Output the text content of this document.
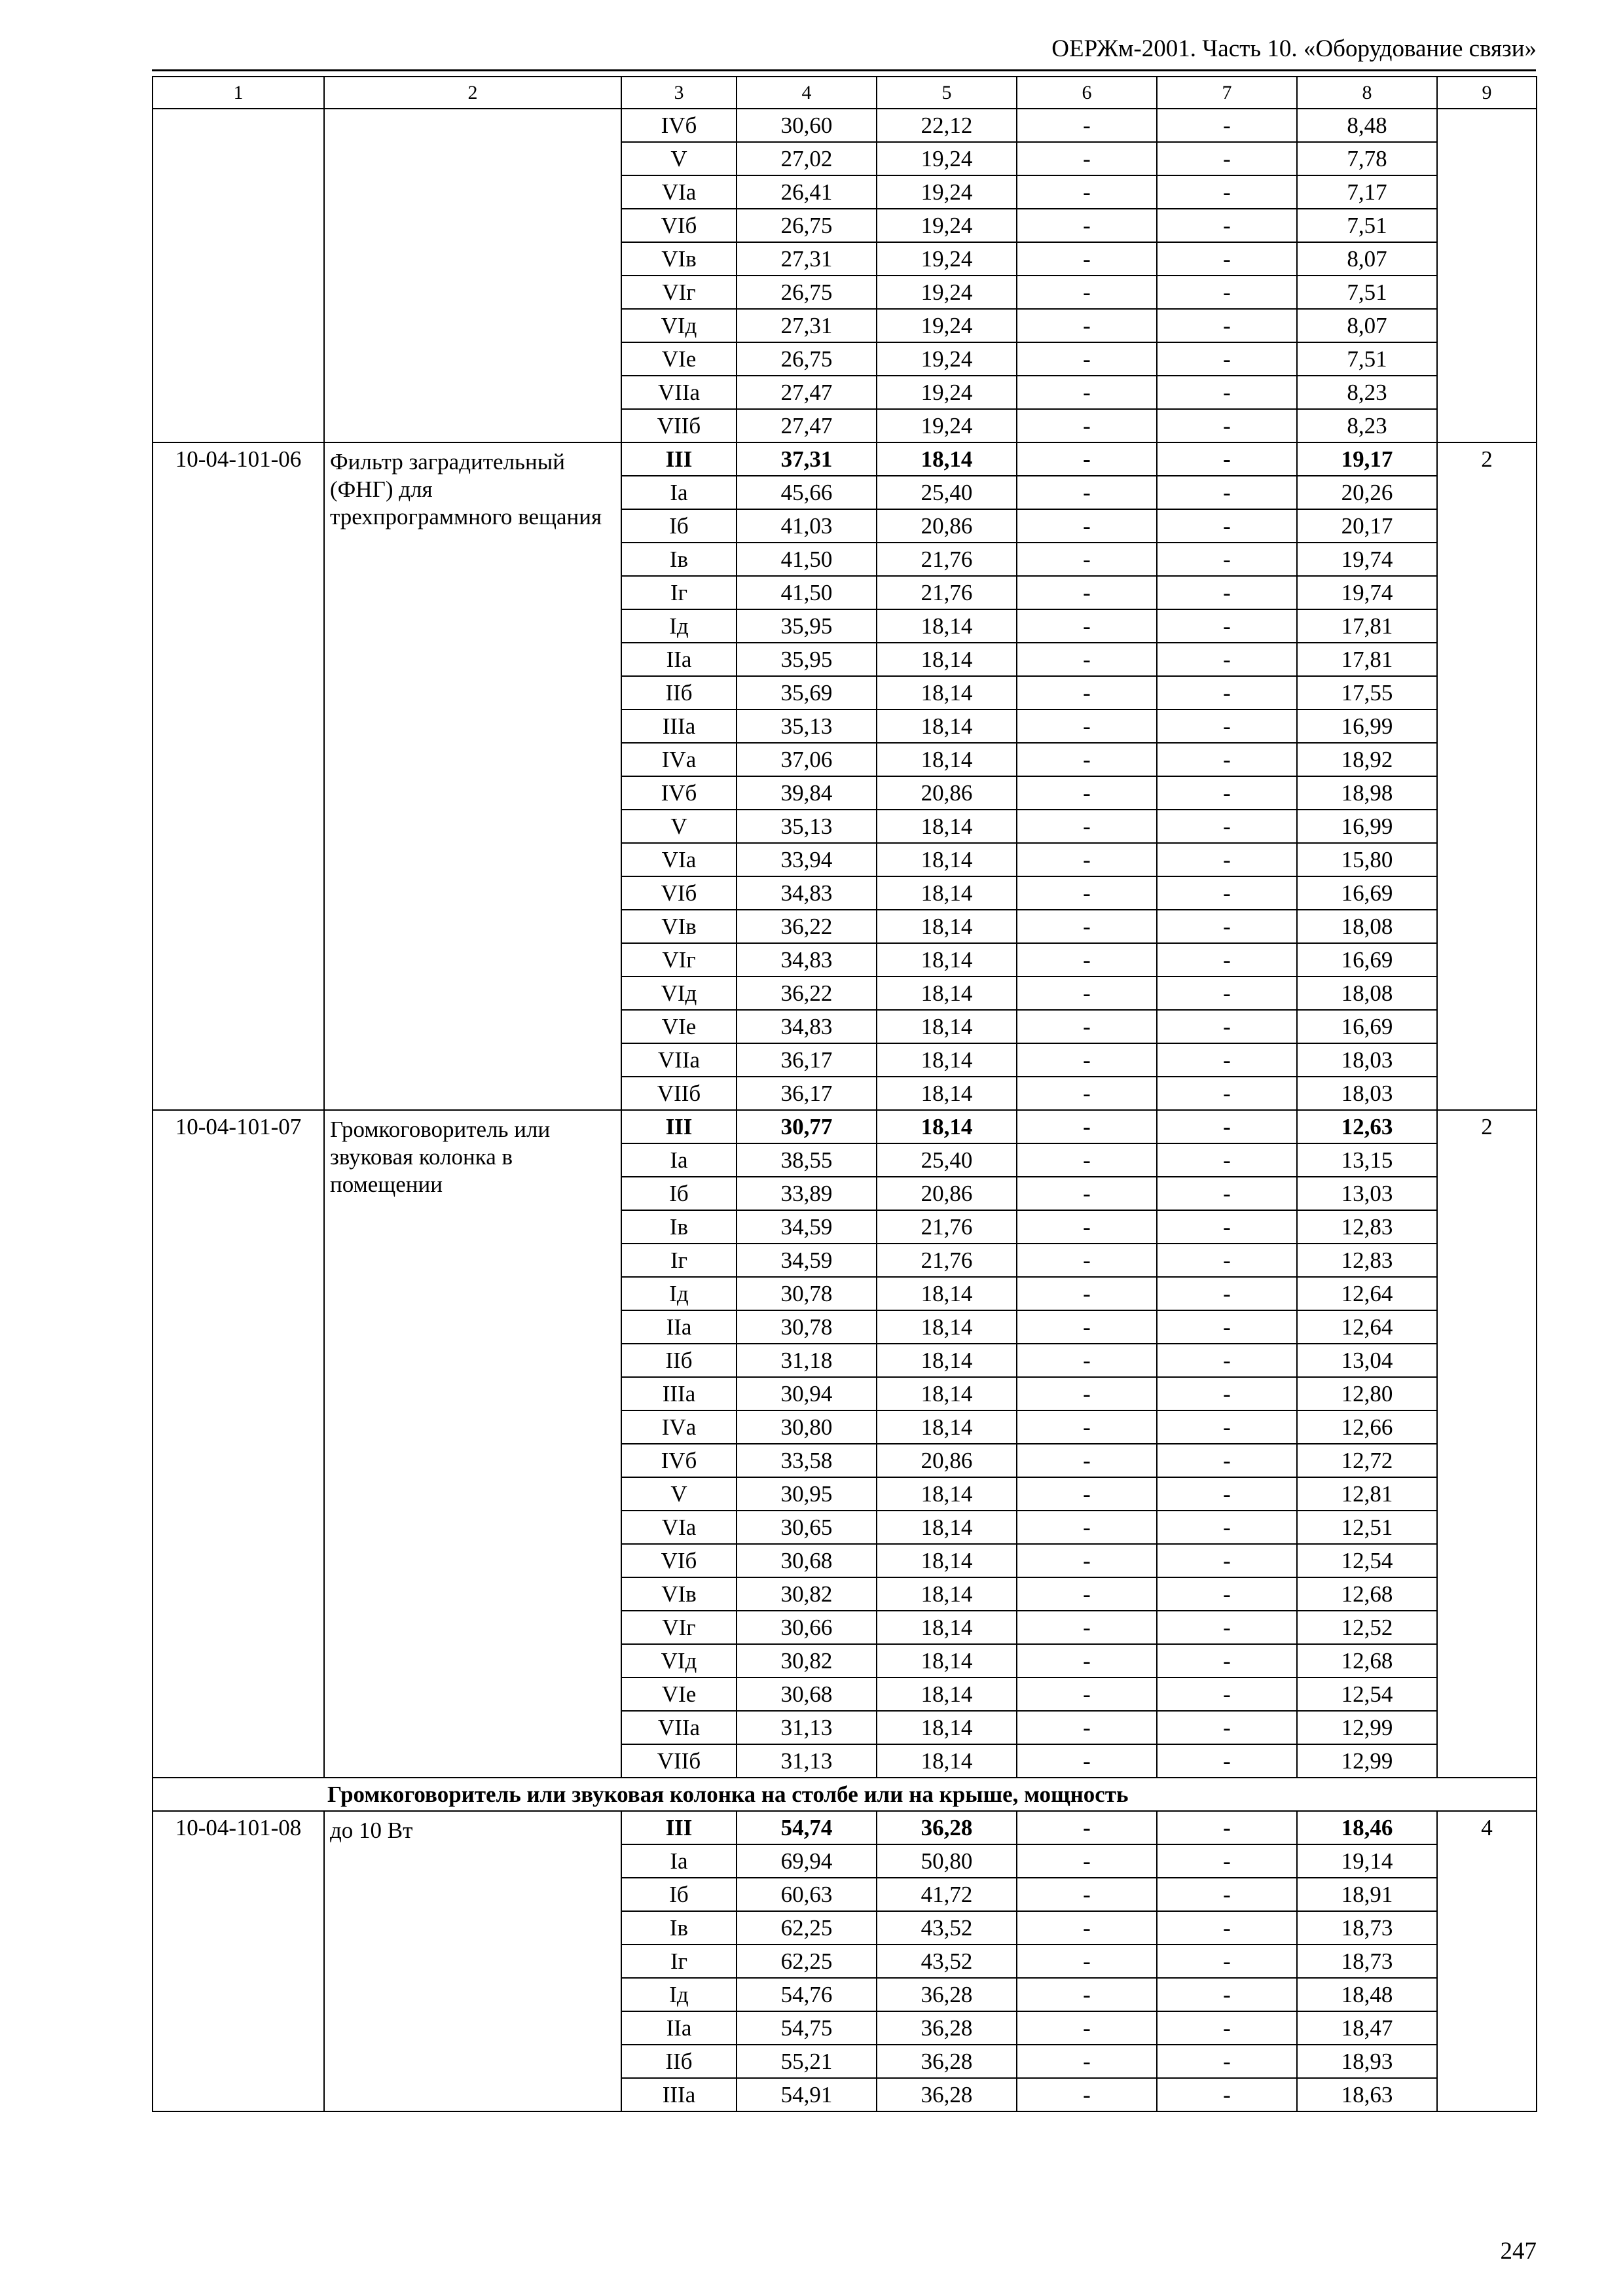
ОЕРЖм-2001. Часть 10. «Оборудование связи»
1	2	3	4	5	6	7	8	9
		IVб	30,60	22,12	-	-	8,48	
		V	27,02	19,24	-	-	7,78	
		VIа	26,41	19,24	-	-	7,17	
		VIб	26,75	19,24	-	-	7,51	
		VIв	27,31	19,24	-	-	8,07	
		VIг	26,75	19,24	-	-	7,51	
		VIд	27,31	19,24	-	-	8,07	
		VIе	26,75	19,24	-	-	7,51	
		VIIа	27,47	19,24	-	-	8,23	
		VIIб	27,47	19,24	-	-	8,23	
10-04-101-06	Фильтр заградительный (ФНГ) для трехпрограммного вещания	III	37,31	18,14	-	-	19,17	2
		Iа	45,66	25,40	-	-	20,26	
		Iб	41,03	20,86	-	-	20,17	
		Iв	41,50	21,76	-	-	19,74	
		Iг	41,50	21,76	-	-	19,74	
		Iд	35,95	18,14	-	-	17,81	
		IIа	35,95	18,14	-	-	17,81	
		IIб	35,69	18,14	-	-	17,55	
		IIIа	35,13	18,14	-	-	16,99	
		IVа	37,06	18,14	-	-	18,92	
		IVб	39,84	20,86	-	-	18,98	
		V	35,13	18,14	-	-	16,99	
		VIа	33,94	18,14	-	-	15,80	
		VIб	34,83	18,14	-	-	16,69	
		VIв	36,22	18,14	-	-	18,08	
		VIг	34,83	18,14	-	-	16,69	
		VIд	36,22	18,14	-	-	18,08	
		VIе	34,83	18,14	-	-	16,69	
		VIIа	36,17	18,14	-	-	18,03	
		VIIб	36,17	18,14	-	-	18,03	
10-04-101-07	Громкоговоритель или звуковая колонка в помещении	III	30,77	18,14	-	-	12,63	2
		Iа	38,55	25,40	-	-	13,15	
		Iб	33,89	20,86	-	-	13,03	
		Iв	34,59	21,76	-	-	12,83	
		Iг	34,59	21,76	-	-	12,83	
		Iд	30,78	18,14	-	-	12,64	
		IIа	30,78	18,14	-	-	12,64	
		IIб	31,18	18,14	-	-	13,04	
		IIIа	30,94	18,14	-	-	12,80	
		IVа	30,80	18,14	-	-	12,66	
		IVб	33,58	20,86	-	-	12,72	
		V	30,95	18,14	-	-	12,81	
		VIа	30,65	18,14	-	-	12,51	
		VIб	30,68	18,14	-	-	12,54	
		VIв	30,82	18,14	-	-	12,68	
		VIг	30,66	18,14	-	-	12,52	
		VIд	30,82	18,14	-	-	12,68	
		VIе	30,68	18,14	-	-	12,54	
		VIIа	31,13	18,14	-	-	12,99	
		VIIб	31,13	18,14	-	-	12,99	
Громкоговоритель или звуковая колонка на столбе или на крыше, мощность								
10-04-101-08	до 10 Вт	III	54,74	36,28	-	-	18,46	4
		Iа	69,94	50,80	-	-	19,14	
		Iб	60,63	41,72	-	-	18,91	
		Iв	62,25	43,52	-	-	18,73	
		Iг	62,25	43,52	-	-	18,73	
		Iд	54,76	36,28	-	-	18,48	
		IIа	54,75	36,28	-	-	18,47	
		IIб	55,21	36,28	-	-	18,93	
		IIIа	54,91	36,28	-	-	18,63	
247
